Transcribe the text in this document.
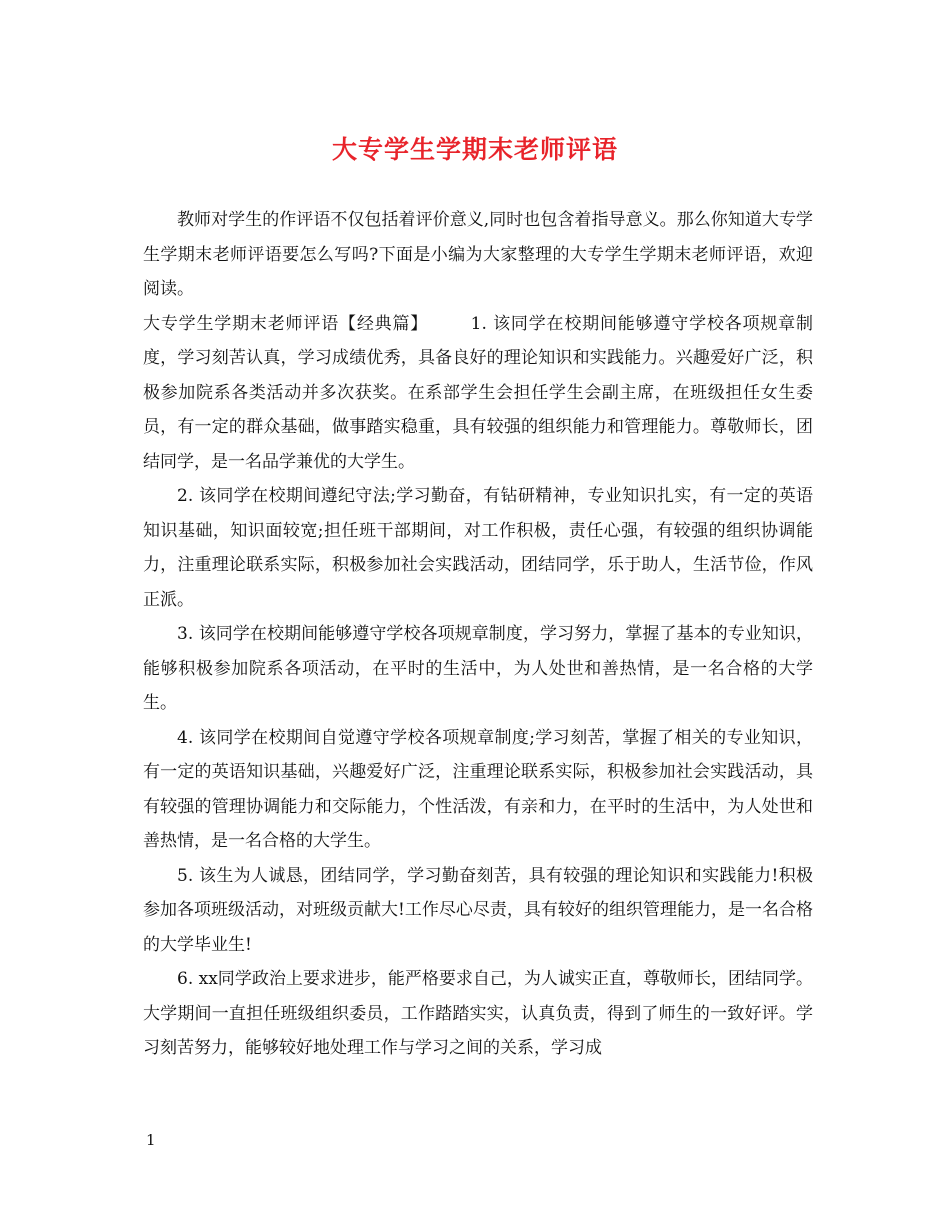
大专学生学期末老师评语

教师对学生的作评语不仅包括着评价意义,同时也包含着指导意义。那么你知道大专学生学期末老师评语要怎么写吗?下面是小编为大家整理的大专学生学期末老师评语，欢迎阅读。

大专学生学期末老师评语【经典篇】   	1. 该同学在校期间能够遵守学校各项规章制度，学习刻苦认真，学习成绩优秀，具备良好的理论知识和实践能力。兴趣爱好广泛，积极参加院系各类活动并多次获奖。在系部学生会担任学生会副主席，在班级担任女生委员，有一定的群众基础，做事踏实稳重，具有较强的组织能力和管理能力。尊敬师长，团结同学，是一名品学兼优的大学生。

2. 该同学在校期间遵纪守法;学习勤奋，有钻研精神，专业知识扎实，有一定的英语知识基础，知识面较宽;担任班干部期间，对工作积极，责任心强，有较强的组织协调能力，注重理论联系实际，积极参加社会实践活动，团结同学，乐于助人，生活节俭，作风正派。

3. 该同学在校期间能够遵守学校各项规章制度，学习努力，掌握了基本的专业知识，能够积极参加院系各项活动，在平时的生活中，为人处世和善热情，是一名合格的大学生。

4. 该同学在校期间自觉遵守学校各项规章制度;学习刻苦，掌握了相关的专业知识，有一定的英语知识基础，兴趣爱好广泛，注重理论联系实际，积极参加社会实践活动，具有较强的管理协调能力和交际能力，个性活泼，有亲和力，在平时的生活中，为人处世和善热情，是一名合格的大学生。

5. 该生为人诚恳，团结同学，学习勤奋刻苦，具有较强的理论知识和实践能力!积极参加各项班级活动，对班级贡献大!工作尽心尽责，具有较好的组织管理能力，是一名合格的大学毕业生!

6. xx同学政治上要求进步，能严格要求自己，为人诚实正直，尊敬师长，团结同学。大学期间一直担任班级组织委员，工作踏踏实实，认真负责，得到了师生的一致好评。学习刻苦努力，能够较好地处理工作与学习之间的关系，学习成

1
